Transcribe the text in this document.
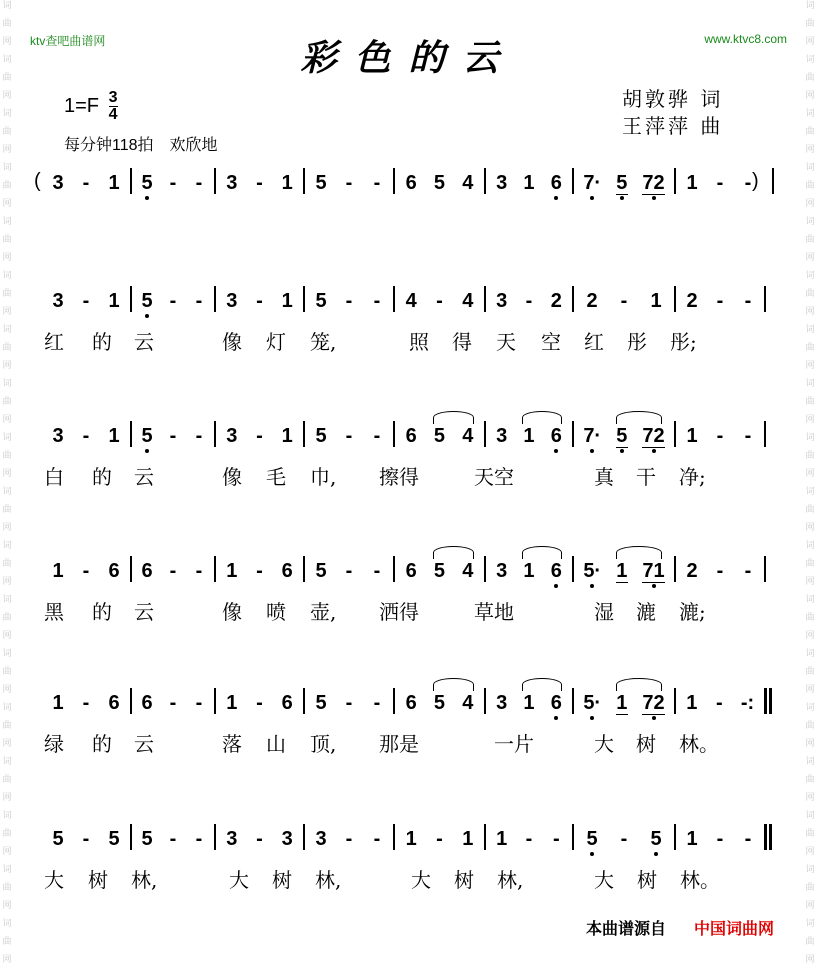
词
曲
网
词
曲
网
词
曲
网
词
曲
网
词
曲
网
词
曲
网
词
曲
网
词
曲
网
词
曲
网
词
曲
网
词
曲
网
词
曲
网
词
曲
网
词
曲
网
词
曲
网
词
曲
网
词
曲
网
词
曲
网
词
曲
网
词
曲
网
词
曲
网
词
曲
网
词
曲
网
词
曲
网
词
曲
网
词
曲
网
词
曲
网
词
曲
网
词
曲
网
词
曲
网
词
曲
网
词
曲
网
词
曲
网
词
曲
网
词
曲
网
词
曲
网
ktv查吧曲谱网	www.ktvc8.com
彩色的云
$1=F \frac{3}{4}$
每分钟118拍　欢欣地
胡敦骅 词
王萍萍 曲
(	)
3 - 1 5 - - 3 - 1 5 - - 6 5 4 3 1 6 7· 5 72 1 - -
3 - 1 5 - - 3 - 1 5 - - 4 - 4 3 - 2 2 - 1 2 - -
红 的 云	像 灯 笼,	照 得 天 空 红 彤 彤;
3 - 1 5 - - 3 - 1 5 - - 6 5 4 3 1 6 7· 5 72 1 - -
白 的 云	像 毛 巾, 擦得	天空	真 干 净;
1 - 6 6 - - 1 - 6 5 - - 6 5 4 3 1 6 5· 1 71 2 - -
黑 的 云	像 喷 壶, 洒得	草地	湿 漉 漉;
1 - 6 6 - - 1 - 6 5 - - 6 5 4 3 1 6 5· 1 72 1 - -:
绿 的 云	落 山 顶, 那是	一片	大 树 林。
5 - 5 5 - - 3 - 3 3 - - 1 - 1 1 - - 5 - 5 1 - -
大 树 林,	大 树 林,	大 树 林,	大 树 林。
本曲谱源自 中国词曲网
